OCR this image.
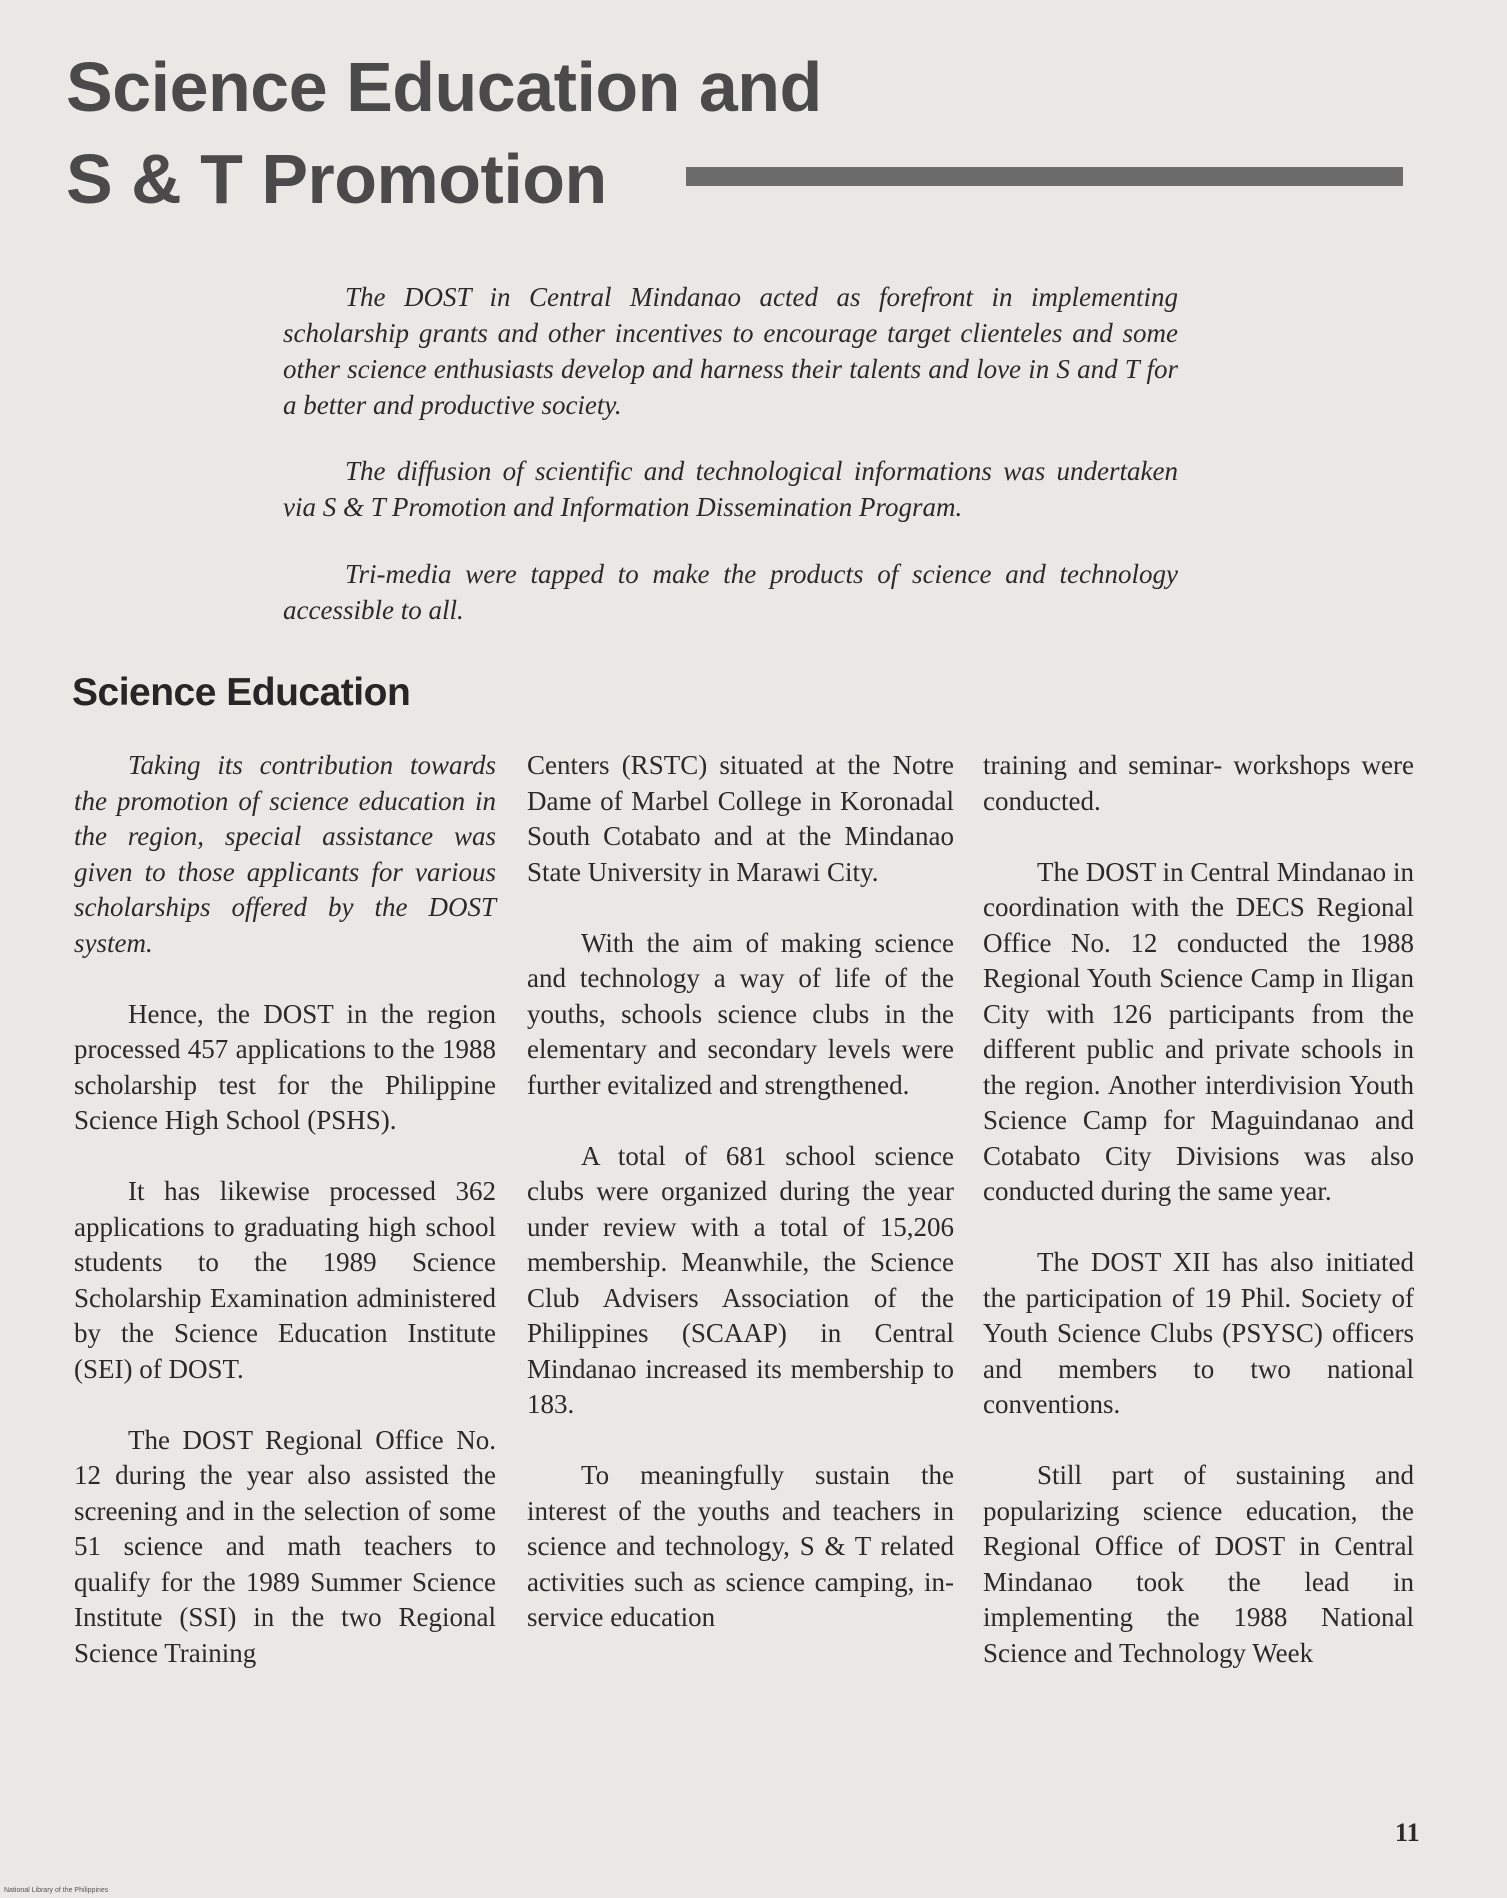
Science Education and
S & T Promotion

The DOST in Central Mindanao acted as forefront in implementing scholarship grants and other incentives to encourage target clienteles and some other science enthusiasts develop and harness their talents and love in S and T for a better and productive society.

The diffusion of scientific and technological informations was undertaken via S & T Promotion and Information Dissemination Program.

Tri-media were tapped to make the products of science and technology accessible to all.

Science Education

Taking its contribution towards the promotion of science education in the region, special assistance was given to those applicants for various scholarships offered by the DOST system.

Hence, the DOST in the region processed 457 applications to the 1988 scholarship test for the Philippine Science High School (PSHS).

It has likewise processed 362 applications to graduating high school students to the 1989 Science Scholarship Examination administered by the Science Education Institute (SEI) of DOST.

The DOST Regional Office No. 12 during the year also assisted the screening and in the selection of some 51 science and math teachers to qualify for the 1989 Summer Science Institute (SSI) in the two Regional Science Training

Centers (RSTC) situated at the Notre Dame of Marbel College in Koronadal South Cotabato and at the Mindanao State University in Marawi City.

With the aim of making science and technology a way of life of the youths, schools science clubs in the elementary and secondary levels were further evitalized and strengthened.

A total of 681 school science clubs were organized during the year under review with a total of 15,206 membership. Meanwhile, the Science Club Advisers Association of the Philippines (SCAAP) in Central Mindanao increased its membership to 183.

To meaningfully sustain the interest of the youths and teachers in science and technology, S & T related activities such as science camping, in-service education

training and seminar- workshops were conducted.

The DOST in Central Mindanao in coordination with the DECS Regional Office No. 12 conducted the 1988 Regional Youth Science Camp in Iligan City with 126 participants from the different public and private schools in the region. Another interdivision Youth Science Camp for Maguindanao and Cotabato City Divisions was also conducted during the same year.

The DOST XII has also initiated the participation of 19 Phil. Society of Youth Science Clubs (PSYSC) officers and members to two national conventions.

Still part of sustaining and popularizing science education, the Regional Office of DOST in Central Mindanao took the lead in implementing the 1988 National Science and Technology Week

11
National Library of the Philippines
